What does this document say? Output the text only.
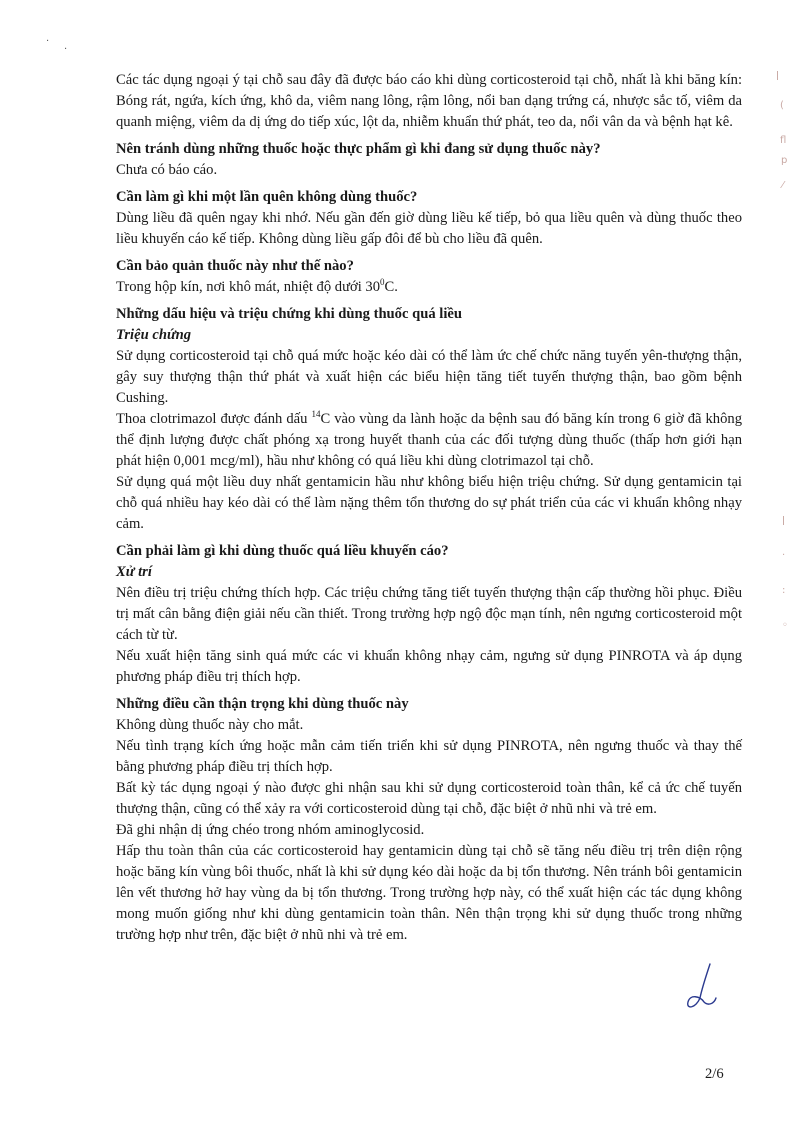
·
·

Các tác dụng ngoại ý tại chỗ sau đây đã được báo cáo khi dùng corticosteroid tại chỗ, nhất là khi băng kín: Bóng rát, ngứa, kích ứng, khô da, viêm nang lông, rậm lông, nổi ban dạng trứng cá, nhược sắc tố, viêm da quanh miệng, viêm da dị ứng do tiếp xúc, lột da, nhiễm khuẩn thứ phát, teo da, nổi vân da và bệnh hạt kê.

Nên tránh dùng những thuốc hoặc thực phẩm gì khi đang sử dụng thuốc này?

Chưa có báo cáo.

Cần làm gì khi một lần quên không dùng thuốc?

Dùng liều đã quên ngay khi nhớ. Nếu gần đến giờ dùng liều kế tiếp, bỏ qua liều quên và dùng thuốc theo liều khuyến cáo kế tiếp. Không dùng liều gấp đôi để bù cho liều đã quên.

Cần bảo quản thuốc này như thế nào?

Trong hộp kín, nơi khô mát, nhiệt độ dưới $30^0C$.

Những dấu hiệu và triệu chứng khi dùng thuốc quá liều

Triệu chứng

Sử dụng corticosteroid tại chỗ quá mức hoặc kéo dài có thể làm ức chế chức năng tuyến yên-thượng thận, gây suy thượng thận thứ phát và xuất hiện các biểu hiện tăng tiết tuyến thượng thận, bao gồm bệnh Cushing.

Thoa clotrimazol được đánh dấu $^{14}$C vào vùng da lành hoặc da bệnh sau đó băng kín trong 6 giờ đã không thể định lượng được chất phóng xạ trong huyết thanh của các đối tượng dùng thuốc (thấp hơn giới hạn phát hiện 0,001 mcg/ml), hầu như không có quá liều khi dùng clotrimazol tại chỗ.

Sử dụng quá một liều duy nhất gentamicin hầu như không biểu hiện triệu chứng. Sử dụng gentamicin tại chỗ quá nhiều hay kéo dài có thể làm nặng thêm tổn thương do sự phát triển của các vi khuẩn không nhạy cảm.

Cần phải làm gì khi dùng thuốc quá liều khuyến cáo?

Xử trí

Nên điều trị triệu chứng thích hợp. Các triệu chứng tăng tiết tuyến thượng thận cấp thường hồi phục. Điều trị mất cân bằng điện giải nếu cần thiết. Trong trường hợp ngộ độc mạn tính, nên ngưng corticosteroid một cách từ từ.

Nếu xuất hiện tăng sinh quá mức các vi khuẩn không nhạy cảm, ngưng sử dụng PINROTA và áp dụng phương pháp điều trị thích hợp.

Những điều cần thận trọng khi dùng thuốc này

Không dùng thuốc này cho mắt.

Nếu tình trạng kích ứng hoặc mẫn cảm tiến triển khi sử dụng PINROTA, nên ngưng thuốc và thay thế bằng phương pháp điều trị thích hợp.

Bất kỳ tác dụng ngoại ý nào được ghi nhận sau khi sử dụng corticosteroid toàn thân, kể cả ức chế tuyến thượng thận, cũng có thể xảy ra với corticosteroid dùng tại chỗ, đặc biệt ở nhũ nhi và trẻ em.

Đã ghi nhận dị ứng chéo trong nhóm aminoglycosid.

Hấp thu toàn thân của các corticosteroid hay gentamicin dùng tại chỗ sẽ tăng nếu điều trị trên diện rộng hoặc băng kín vùng bôi thuốc, nhất là khi sử dụng kéo dài hoặc da bị tổn thương. Nên tránh bôi gentamicin lên vết thương hở hay vùng da bị tổn thương. Trong trường hợp này, có thể xuất hiện các tác dụng không mong muốn giống như khi dùng gentamicin toàn thân. Nên thận trọng khi sử dụng thuốc trong những trường hợp như trên, đặc biệt ở nhũ nhi và trẻ em.

ǀ
(
fl
p
⁄
ǀ
·
:
◦
2/6
